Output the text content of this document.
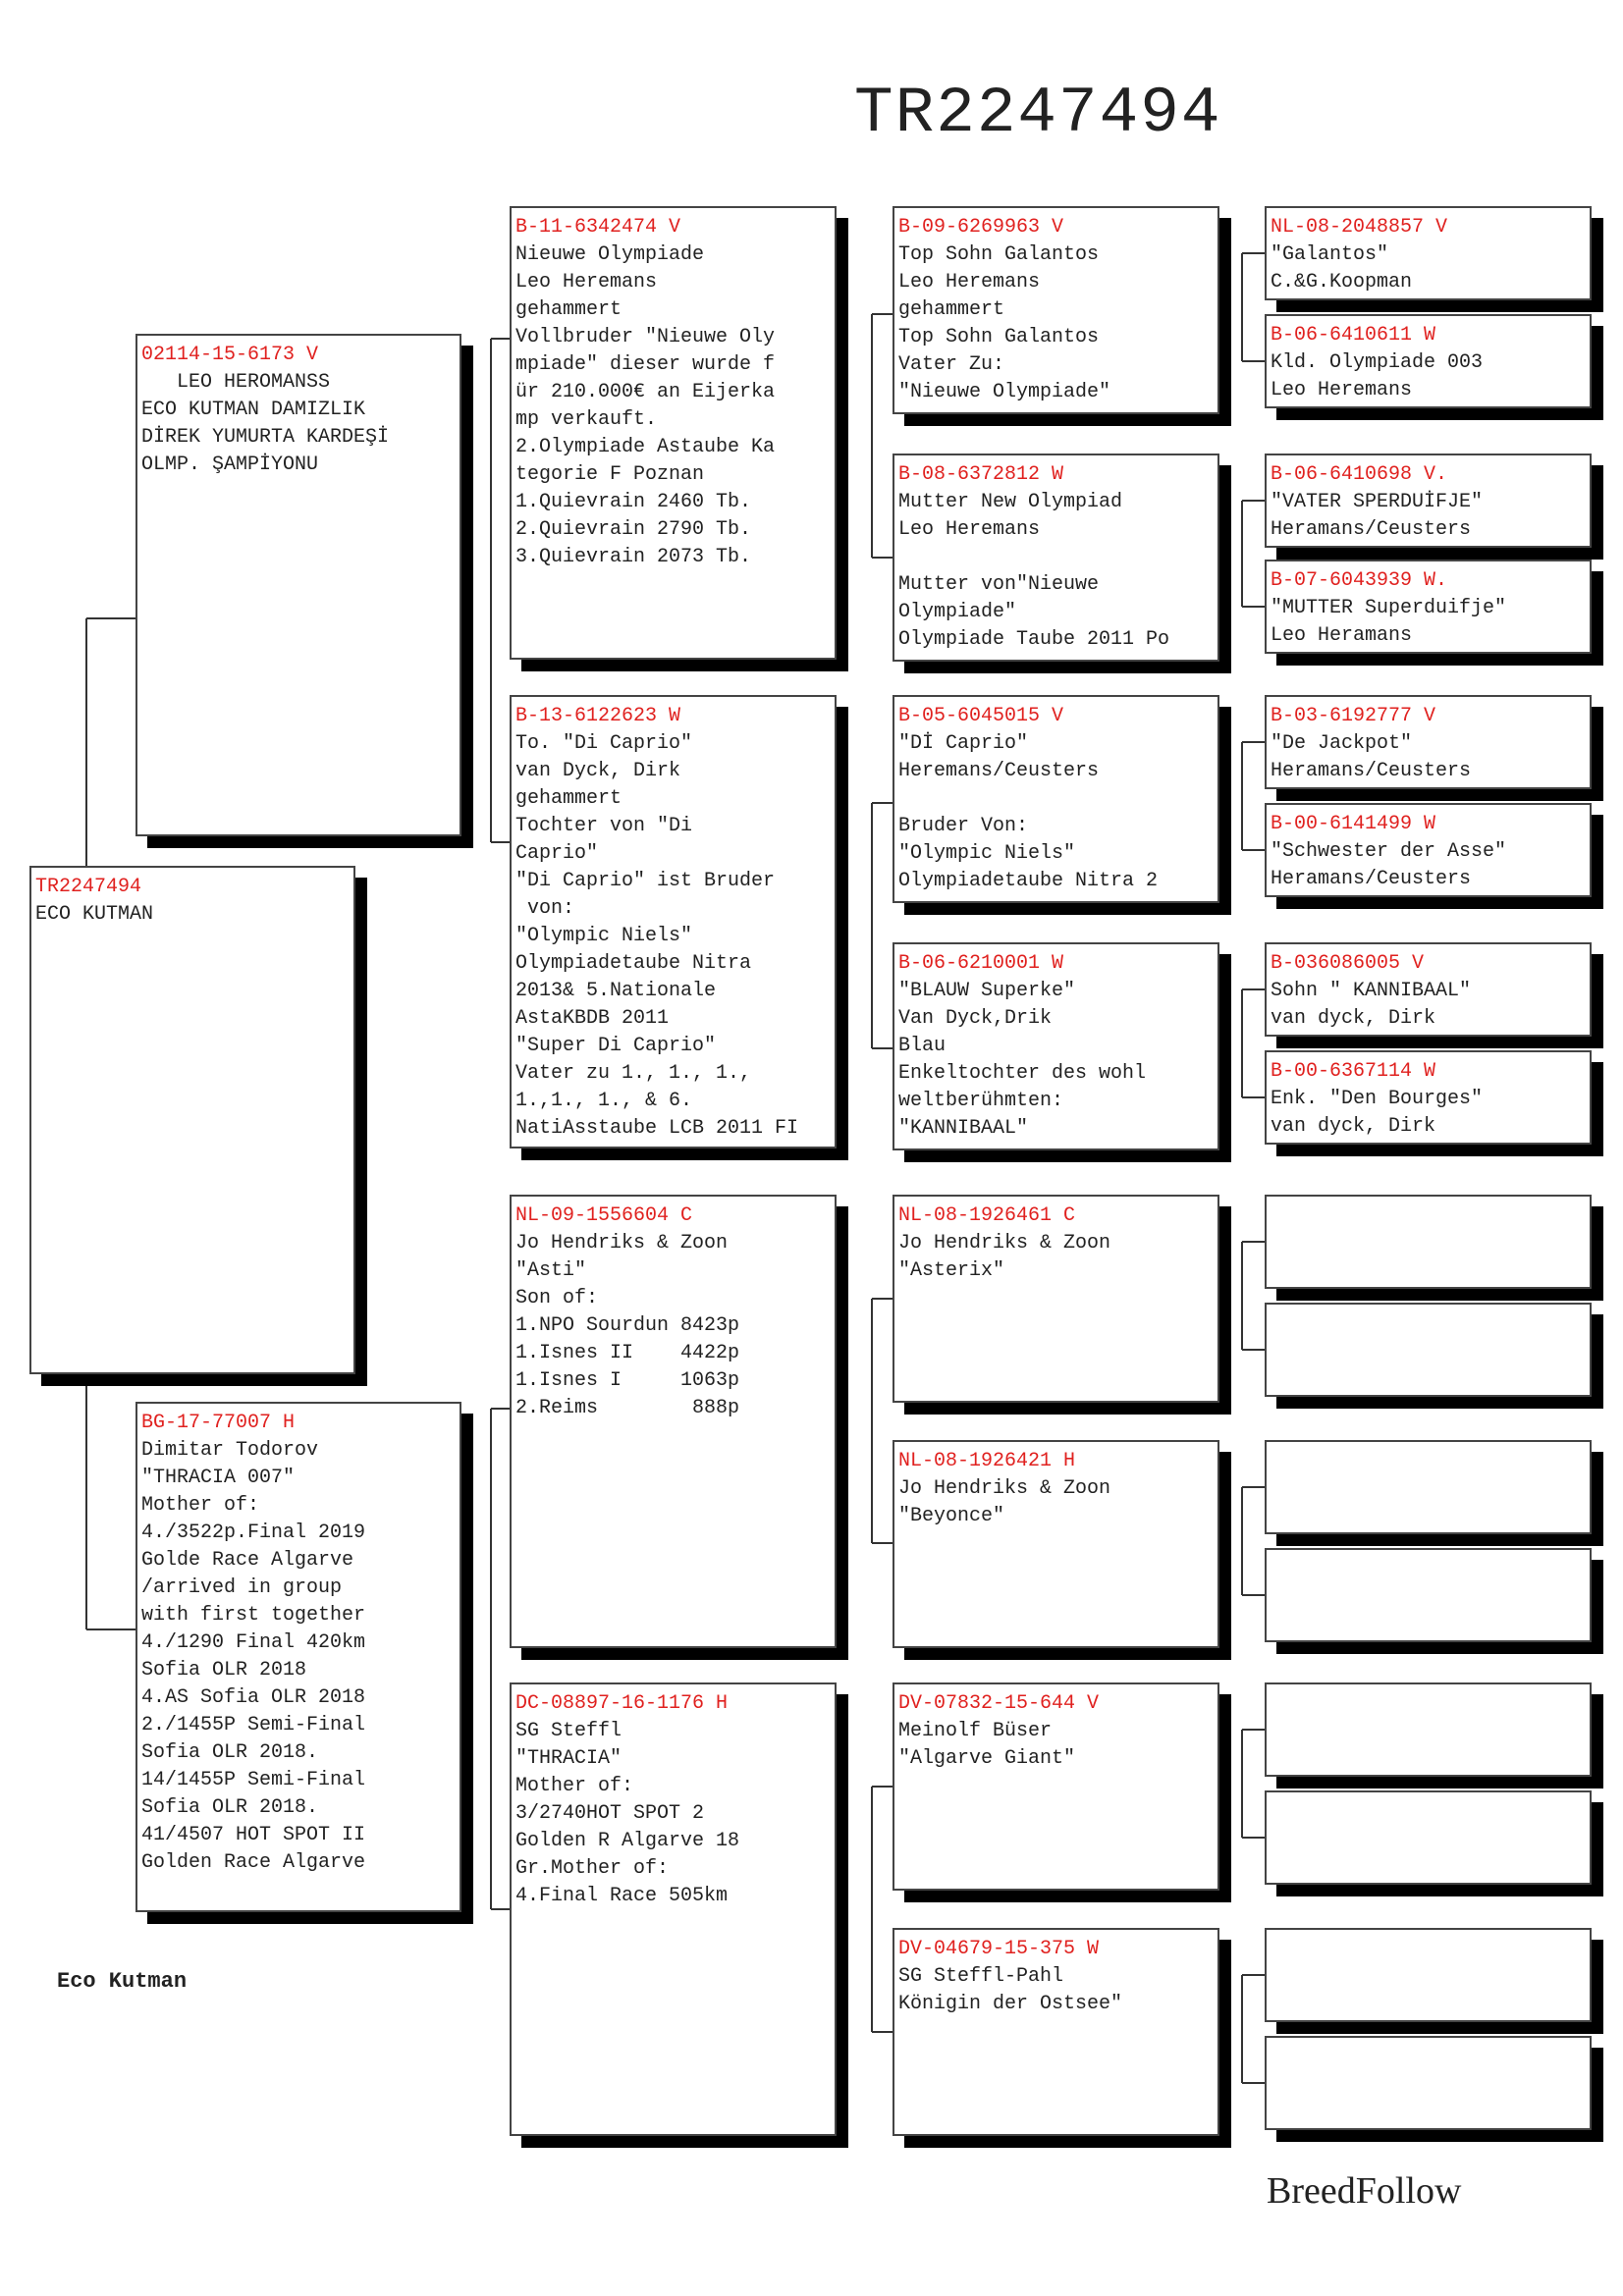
TR2247494
TR2247494
ECO KUTMAN
02114-15-6173 V
LEO HEROMANSS
ECO KUTMAN DAMIZLIK
DİREK YUMURTA KARDEŞİ
OLMP. ŞAMPİYONU
BG-17-77007 H
Dimitar Todorov
"THRACIA 007"
Mother of:
4./3522p.Final 2019
Golde Race Algarve
/arrived in group
with first together
4./1290 Final 420km
Sofia OLR 2018
4.AS Sofia OLR 2018
2./1455P Semi-Final
Sofia OLR 2018.
14/1455P Semi-Final
Sofia OLR 2018.
41/4507 HOT SPOT II
Golden Race Algarve
B-11-6342474 V
Nieuwe Olympiade
Leo Heremans
gehammert
Vollbruder "Nieuwe Oly
mpiade" dieser wurde f
ür 210.000€ an Eijerka
mp verkauft.
2.Olympiade Astaube Ka
tegorie F Poznan
1.Quievrain 2460 Tb.
2.Quievrain 2790 Tb.
3.Quievrain 2073 Tb.
B-13-6122623 W
To. "Di Caprio"
van Dyck, Dirk
gehammert
Tochter von "Di
Caprio"
"Di Caprio" ist Bruder
von:
"Olympic Niels"
Olympiadetaube Nitra
2013& 5.Nationale
AstaKBDB 2011
"Super Di Caprio"
Vater zu 1., 1., 1.,
1.,1., 1., & 6.
NatiAsstaube LCB 2011 FI
NL-09-1556604 C
Jo Hendriks & Zoon
"Asti"
Son of:
1.NPO Sourdun 8423p
1.Isnes II    4422p
1.Isnes I     1063p
2.Reims        888p
DC-08897-16-1176 H
SG Steffl
"THRACIA"
Mother of:
3/2740HOT SPOT 2
Golden R Algarve 18
Gr.Mother of:
4.Final Race 505km
B-09-6269963 V
Top Sohn Galantos
Leo Heremans
gehammert
Top Sohn Galantos
Vater Zu:
"Nieuwe Olympiade"
B-08-6372812 W
Mutter New Olympiad
Leo Heremans
Mutter von"Nieuwe
Olympiade"
Olympiade Taube 2011 Po
B-05-6045015 V
"Dİ Caprio"
Heremans/Ceusters
Bruder Von:
"Olympic Niels"
Olympiadetaube Nitra 2
B-06-6210001 W
"BLAUW Superke"
Van Dyck,Drik
Blau
Enkeltochter des wohl
weltberühmten:
"KANNIBAAL"
NL-08-1926461 C
Jo Hendriks & Zoon
"Asterix"
NL-08-1926421 H
Jo Hendriks & Zoon
"Beyonce"
DV-07832-15-644 V
Meinolf Büser
"Algarve Giant"
DV-04679-15-375 W
SG Steffl-Pahl
Königin der Ostsee"
NL-08-2048857 V
"Galantos"
C.&G.Koopman
B-06-6410611 W
Kld. Olympiade 003
Leo Heremans
B-06-6410698 V.
"VATER SPERDUİFJE"
Heramans/Ceusters
B-07-6043939 W.
"MUTTER Superduifje"
Leo Heramans
B-03-6192777 V
"De Jackpot"
Heramans/Ceusters
B-00-6141499 W
"Schwester der Asse"
Heramans/Ceusters
B-036086005 V
Sohn " KANNIBAAL"
van dyck, Dirk
B-00-6367114 W
Enk. "Den Bourges"
van dyck, Dirk
Eco Kutman
BreedFollow
